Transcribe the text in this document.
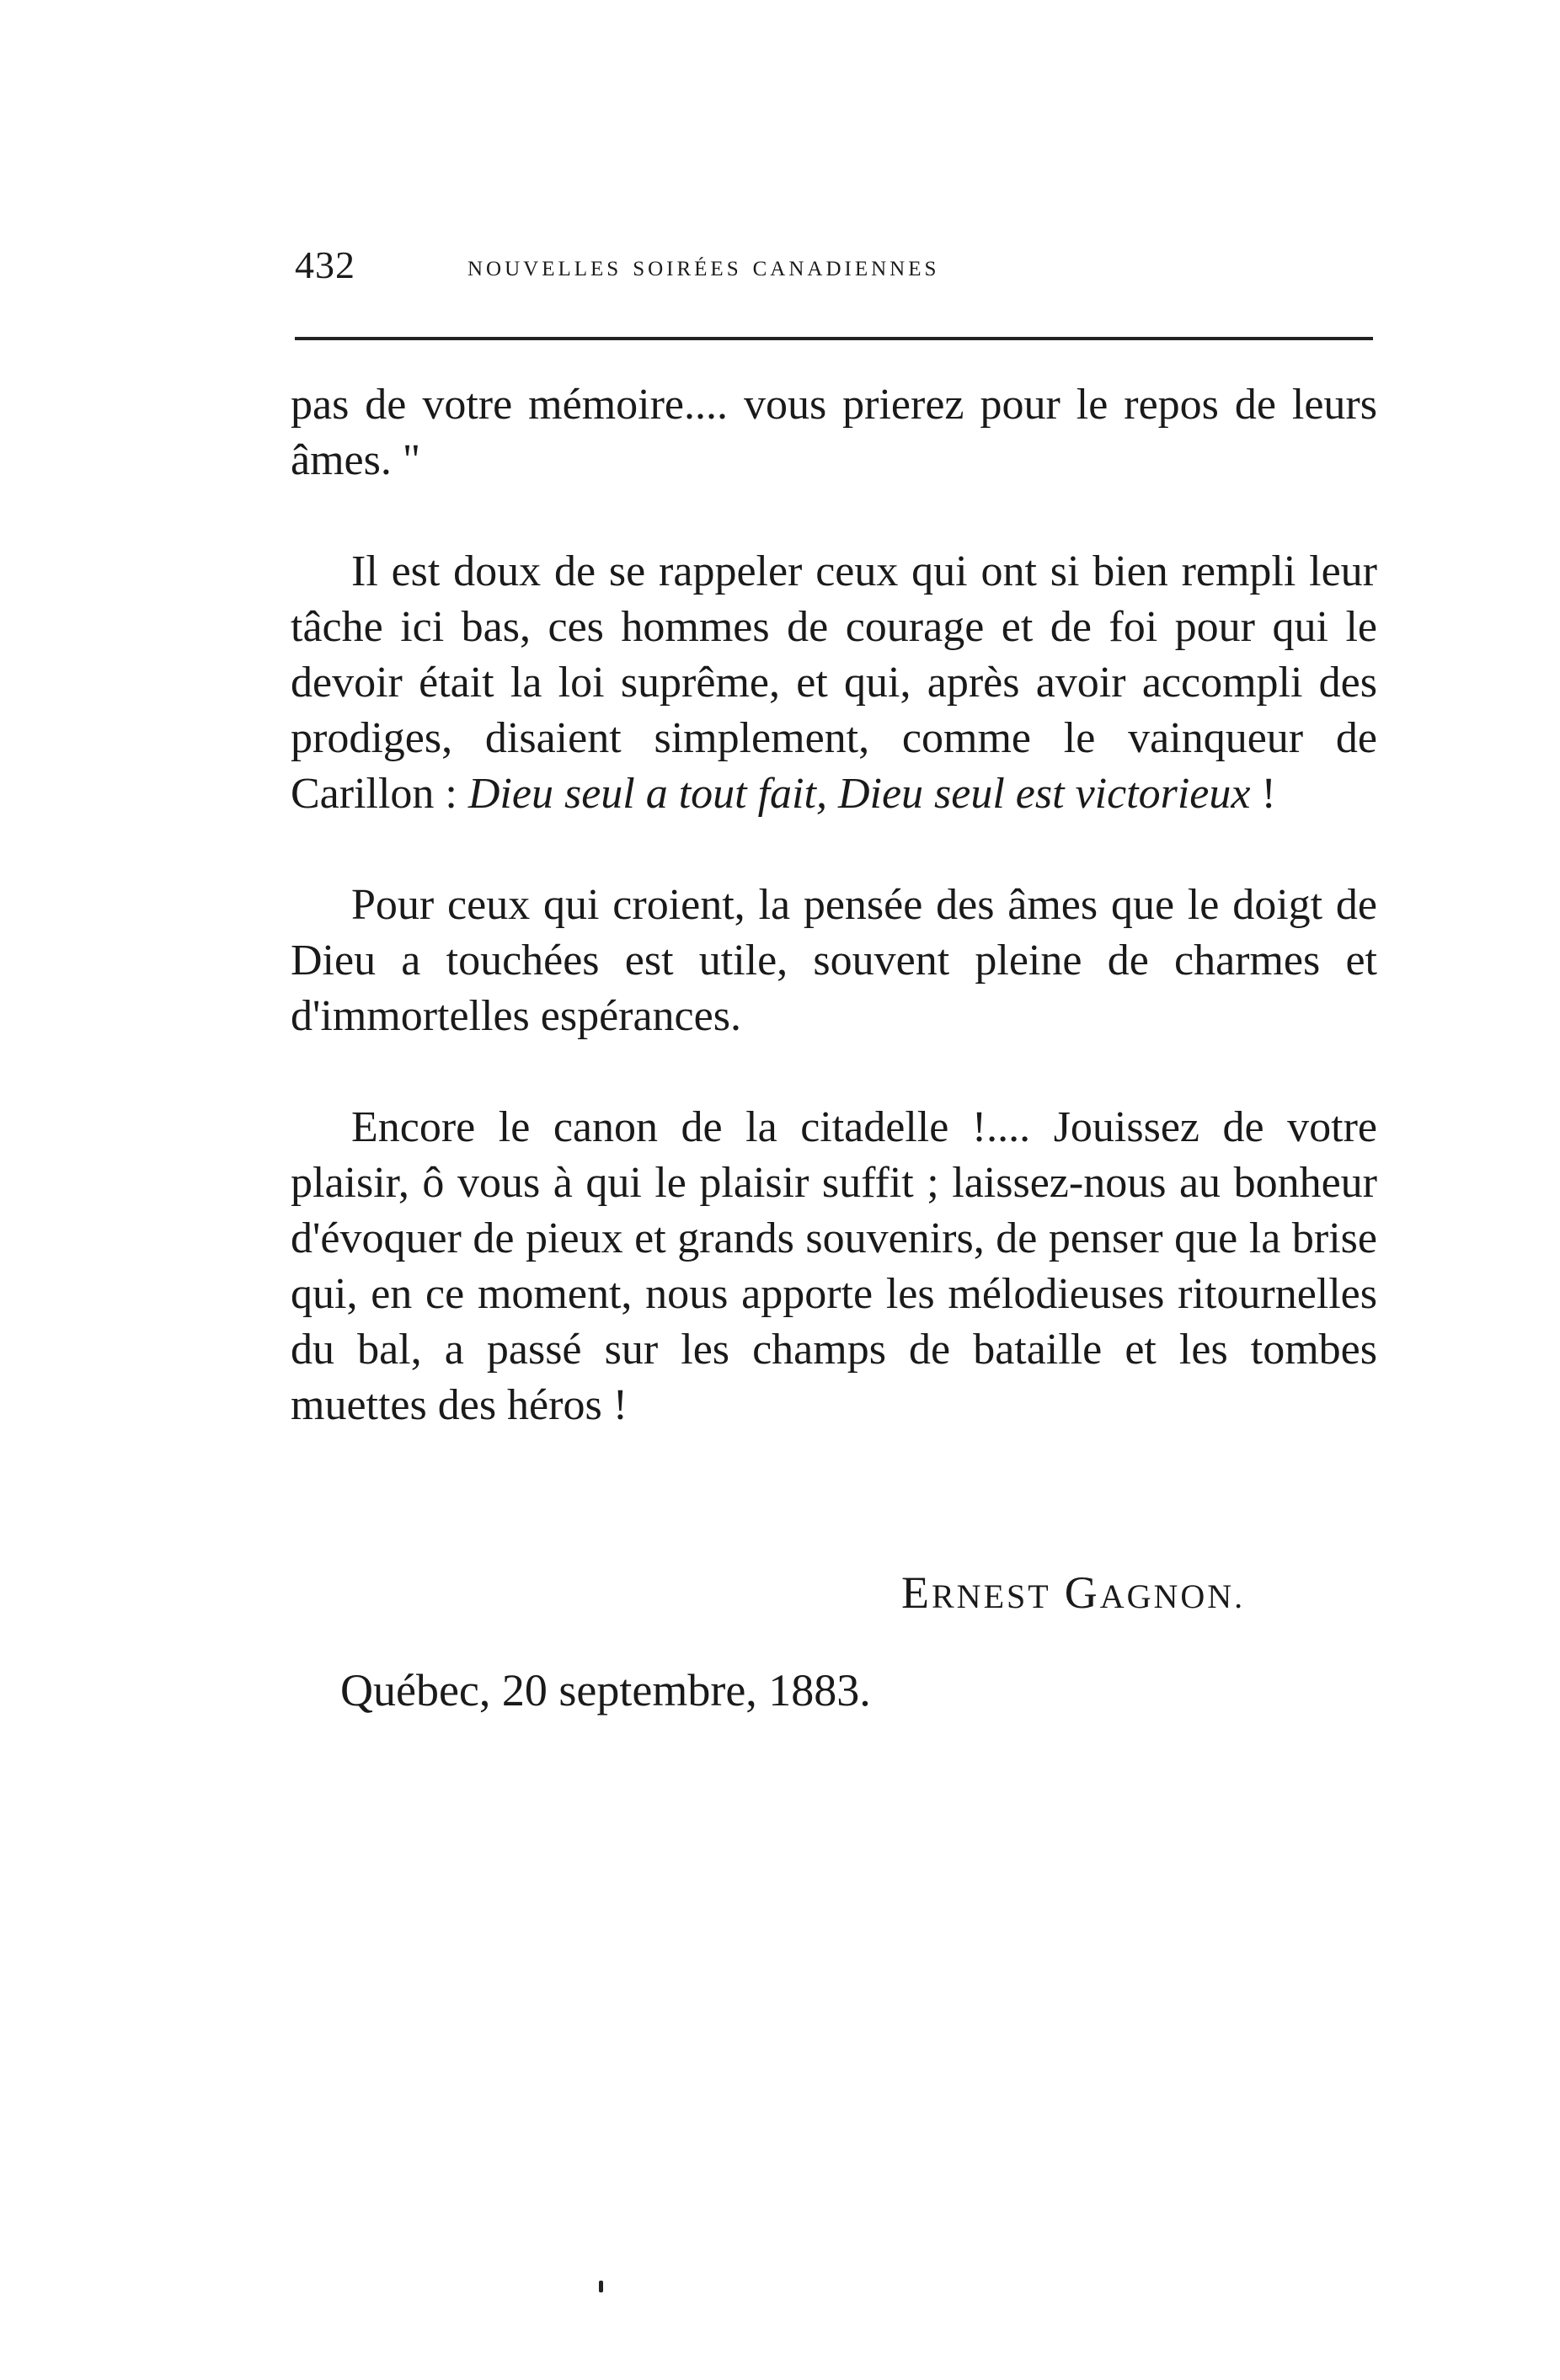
432	nouvelles soirées canadiennes

pas de votre mémoire.... vous prierez pour le repos de leurs âmes. "

Il est doux de se rappeler ceux qui ont si bien rempli leur tâche ici bas, ces hommes de courage et de foi pour qui le devoir était la loi suprême, et qui, après avoir accompli des prodiges, disaient simplement, comme le vainqueur de Carillon : Dieu seul a tout fait, Dieu seul est victorieux !

Pour ceux qui croient, la pensée des âmes que le doigt de Dieu a touchées est utile, souvent pleine de charmes et d'immortelles espérances.

Encore le canon de la citadelle !.... Jouissez de votre plaisir, ô vous à qui le plaisir suffit ; laissez-nous au bonheur d'évoquer de pieux et grands souvenirs, de penser que la brise qui, en ce moment, nous apporte les mélodieuses ritournelles du bal, a passé sur les champs de bataille et les tombes muettes des héros !

ERNEST GAGNON.
Québec, 20 septembre, 1883.
